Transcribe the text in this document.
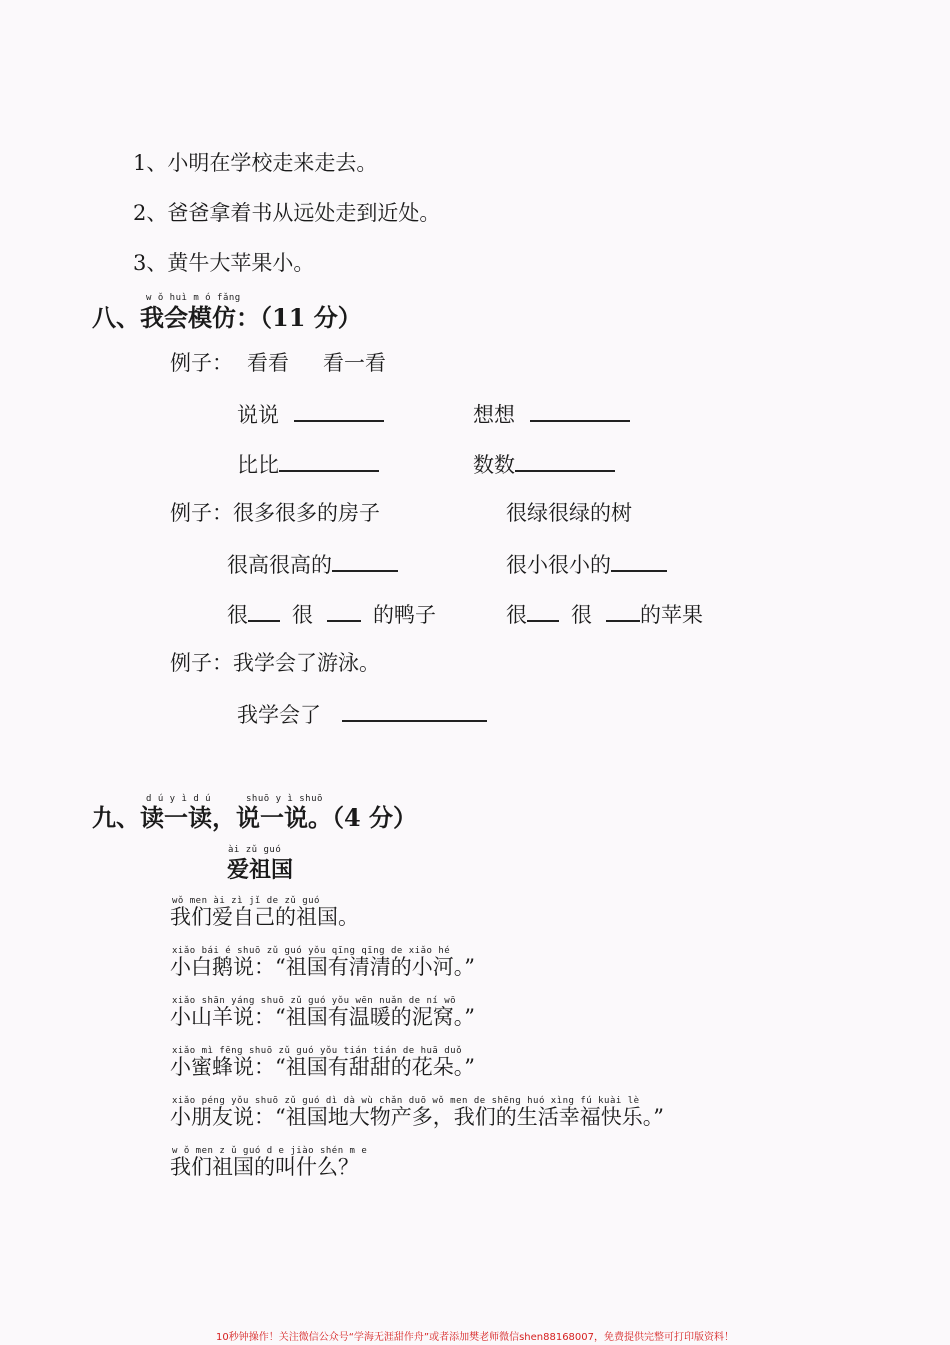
1、小明在学校走来走去。
2、爸爸拿着书从远处走到近处。
3、黄牛大苹果小。
w ǒ huì m ó fǎng
八、我会模仿：（11 分）
例子： 看看 看一看
说说	想想
比比	数数
例子：很多很多的房子	很绿很绿的树
很高很高的	很小很小的
很 很	的鸭子	很 很 的苹果
例子：我学会了游泳。
我学会了
d ú y ì d ú	shuō y ì shuō
九、读一读，说一说。（4 分）
ài zǔ guó
爱祖国
wǒ men ài zì jǐ de zǔ guó
我们爱自己的祖国。
xiǎo bái é shuō zǔ guó yǒu qīng qīng de xiǎo hé
小白鹅说：“祖国有清清的小河。”
xiǎo shān yáng shuō zǔ guó yǒu wēn nuǎn de ní wō
小山羊说：“祖国有温暖的泥窝。”
xiǎo mì fēng shuō zǔ guó yǒu tián tián de huā duǒ
小蜜蜂说：“祖国有甜甜的花朵。”
xiǎo péng yǒu shuō zǔ guó dì dà wù chǎn duō wǒ men de shēng huó xìng fú kuài lè
小朋友说：“祖国地大物产多，我们的生活幸福快乐。”
w ǒ men z ǔ guó d e jiào shén m e
我们祖国的叫什么？
10秒钟操作！关注微信公众号“学海无涯甜作舟”或者添加樊老师微信shen88168007，免费提供完整可打印版资料！
